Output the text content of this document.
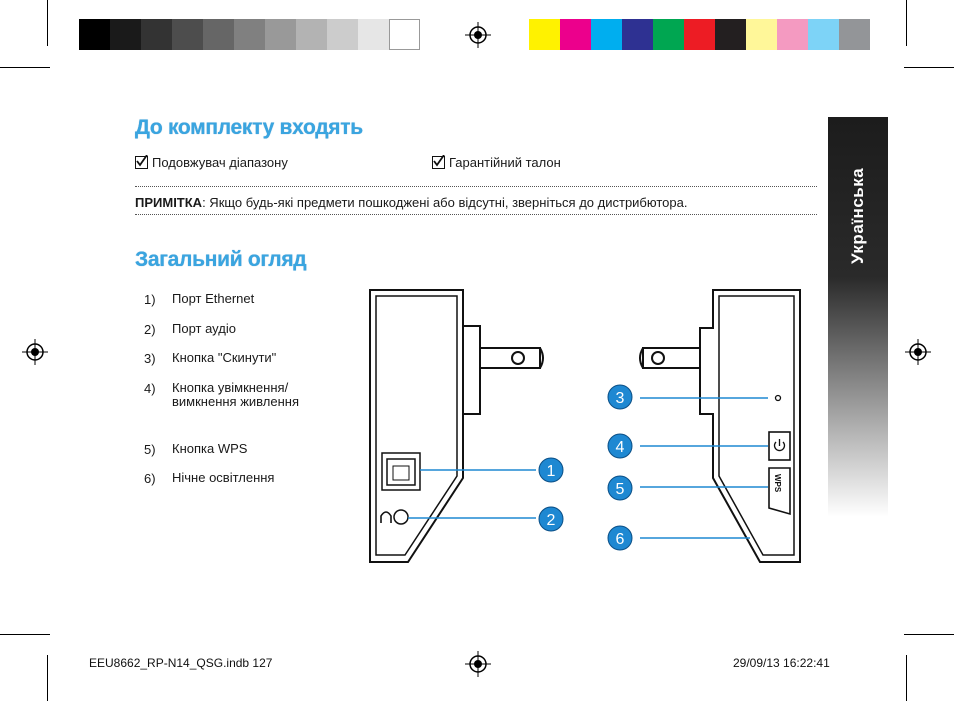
Українська
До комплекту входять
Подовжувач діапазону	Гарантійний талон
ПРИМІТКА: Якщо будь-які предмети пошкоджені або відсутні, зверніться до дистрибютора.
Загальний огляд
1)	Порт Ethernet
2)	Порт аудіо
3)	Кнопка "Скинути"
4)	Кнопка увімкнення/вимкнення живлення
5)	Кнопка WPS
6)	Нічне освітлення	WPS
1
2
3
4
5
6
EEU8662_RP-N14_QSG.indb 127	29/09/13 16:22:41
